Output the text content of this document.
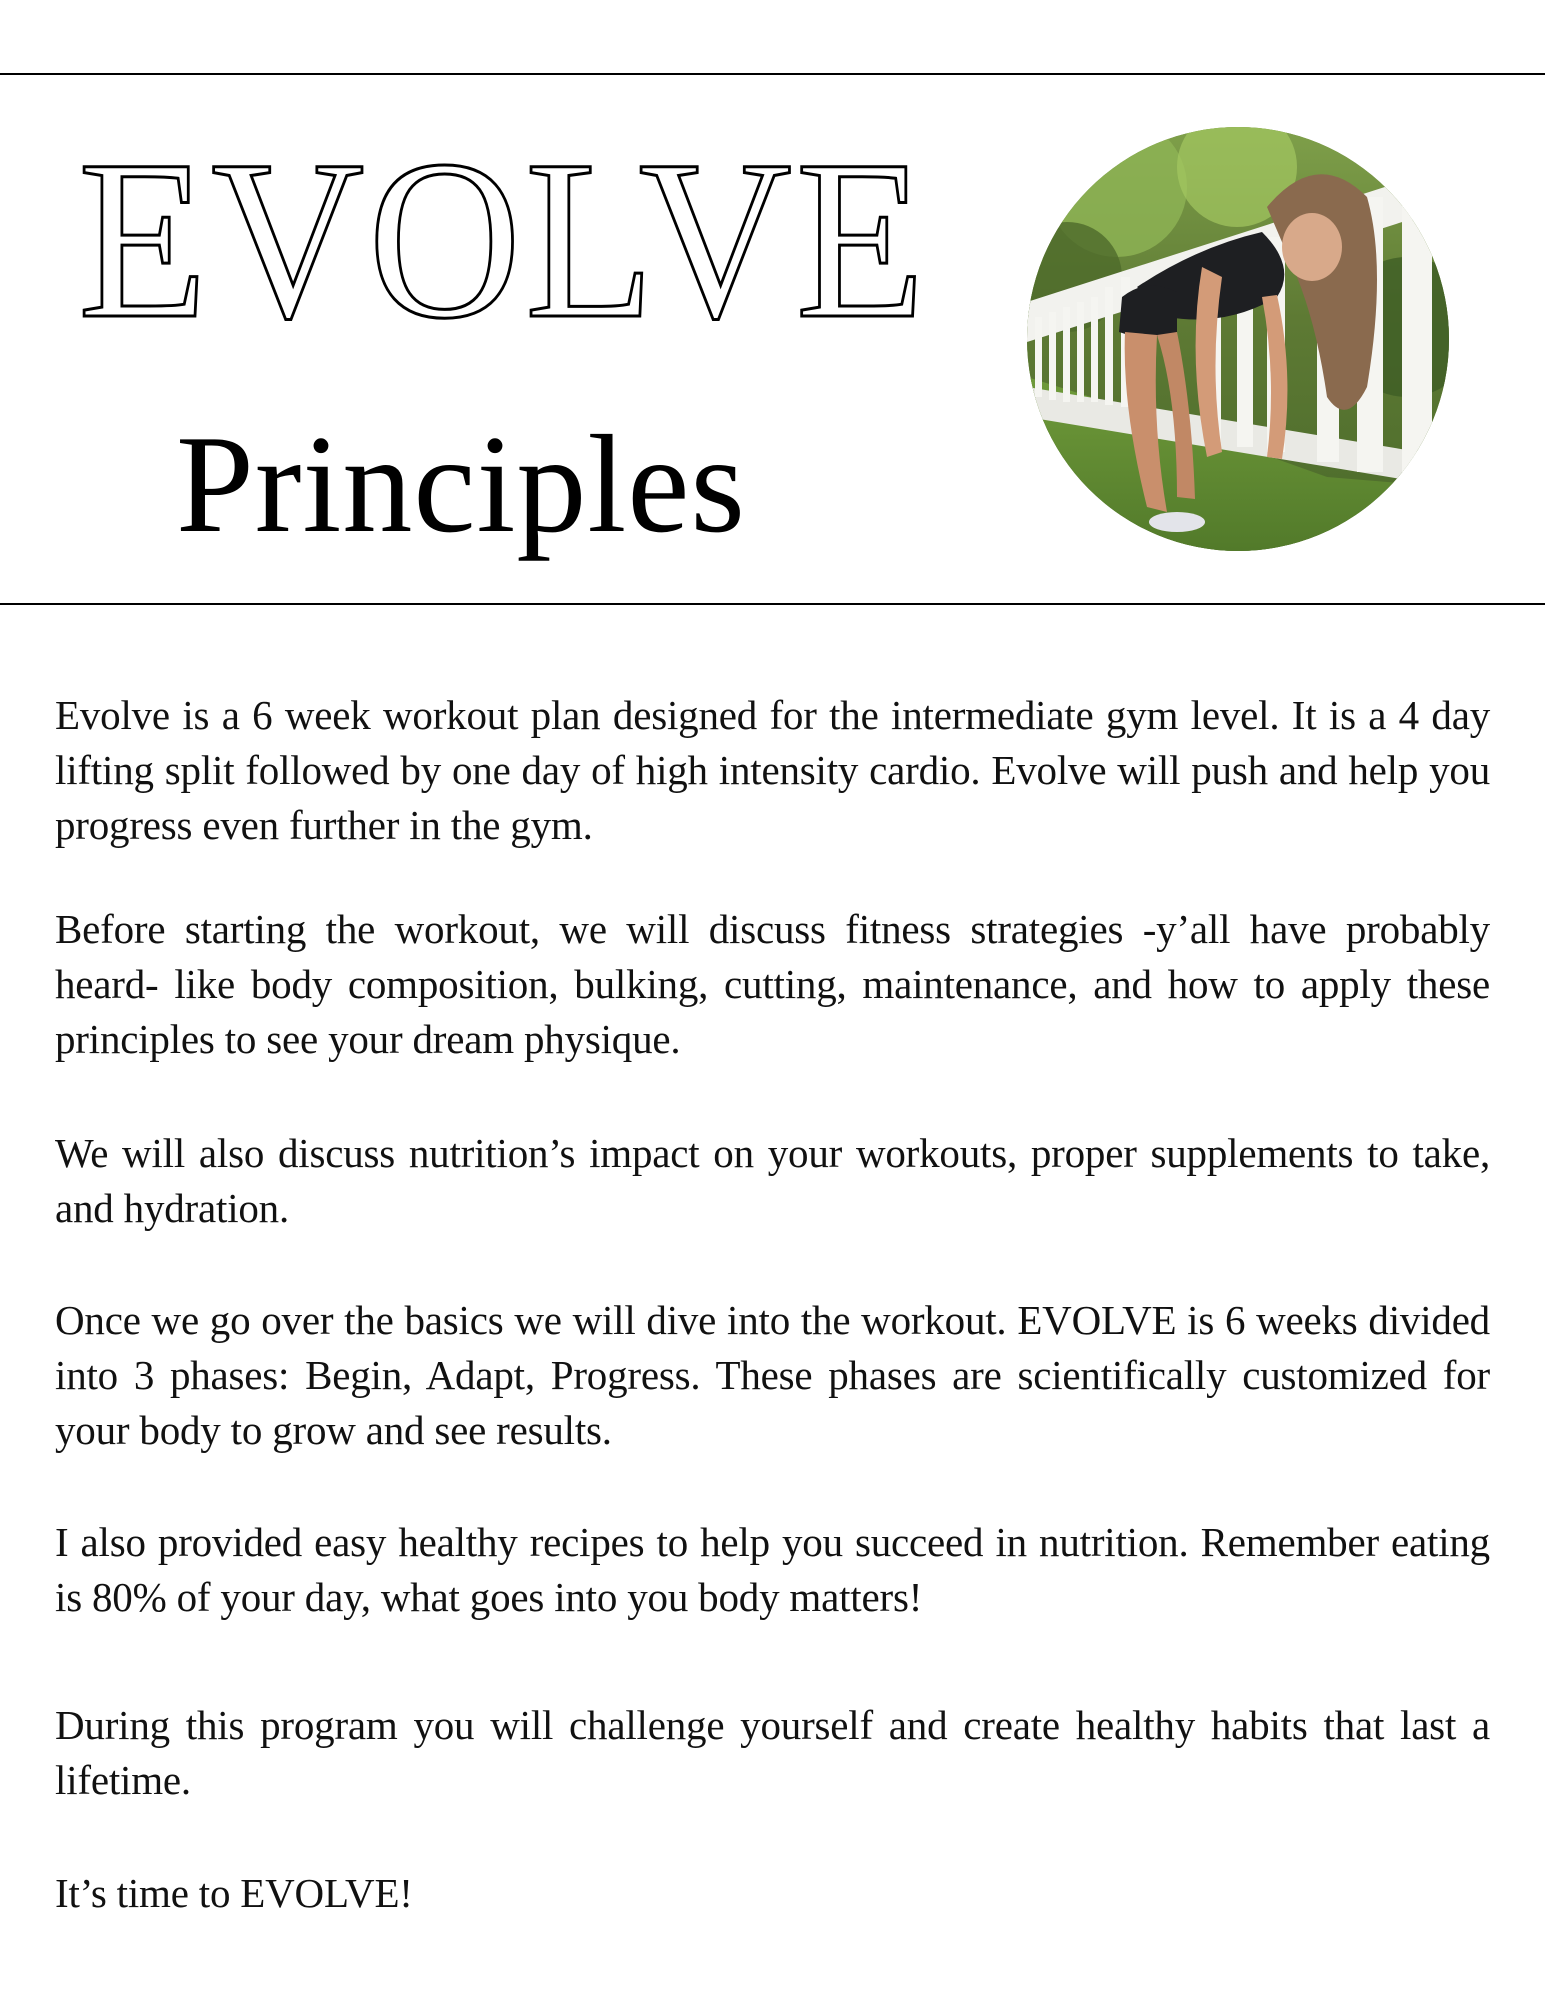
EVOLVE
Principles

Evolve is a 6 week workout plan designed for the intermediate gym level. It is a 4 day lifting split followed by one day of high intensity cardio. Evolve will push and help you progress even further in the gym.

Before starting the workout, we will discuss fitness strategies -y’all have probably heard- like body composition, bulking, cutting, maintenance, and how to apply these principles to see your dream physique.

We will also discuss nutrition’s impact on your workouts, proper supplements to take, and hydration.

Once we go over the basics we will dive into the workout. EVOLVE is 6 weeks divided into 3 phases: Begin, Adapt, Progress. These phases are scientifically customized for your body to grow and see results.

I also provided easy healthy recipes to help you succeed in nutrition. Remember eating is 80% of your day, what goes into you body matters!

During this program you will challenge yourself and create healthy habits that last a lifetime.

It’s time to EVOLVE!
